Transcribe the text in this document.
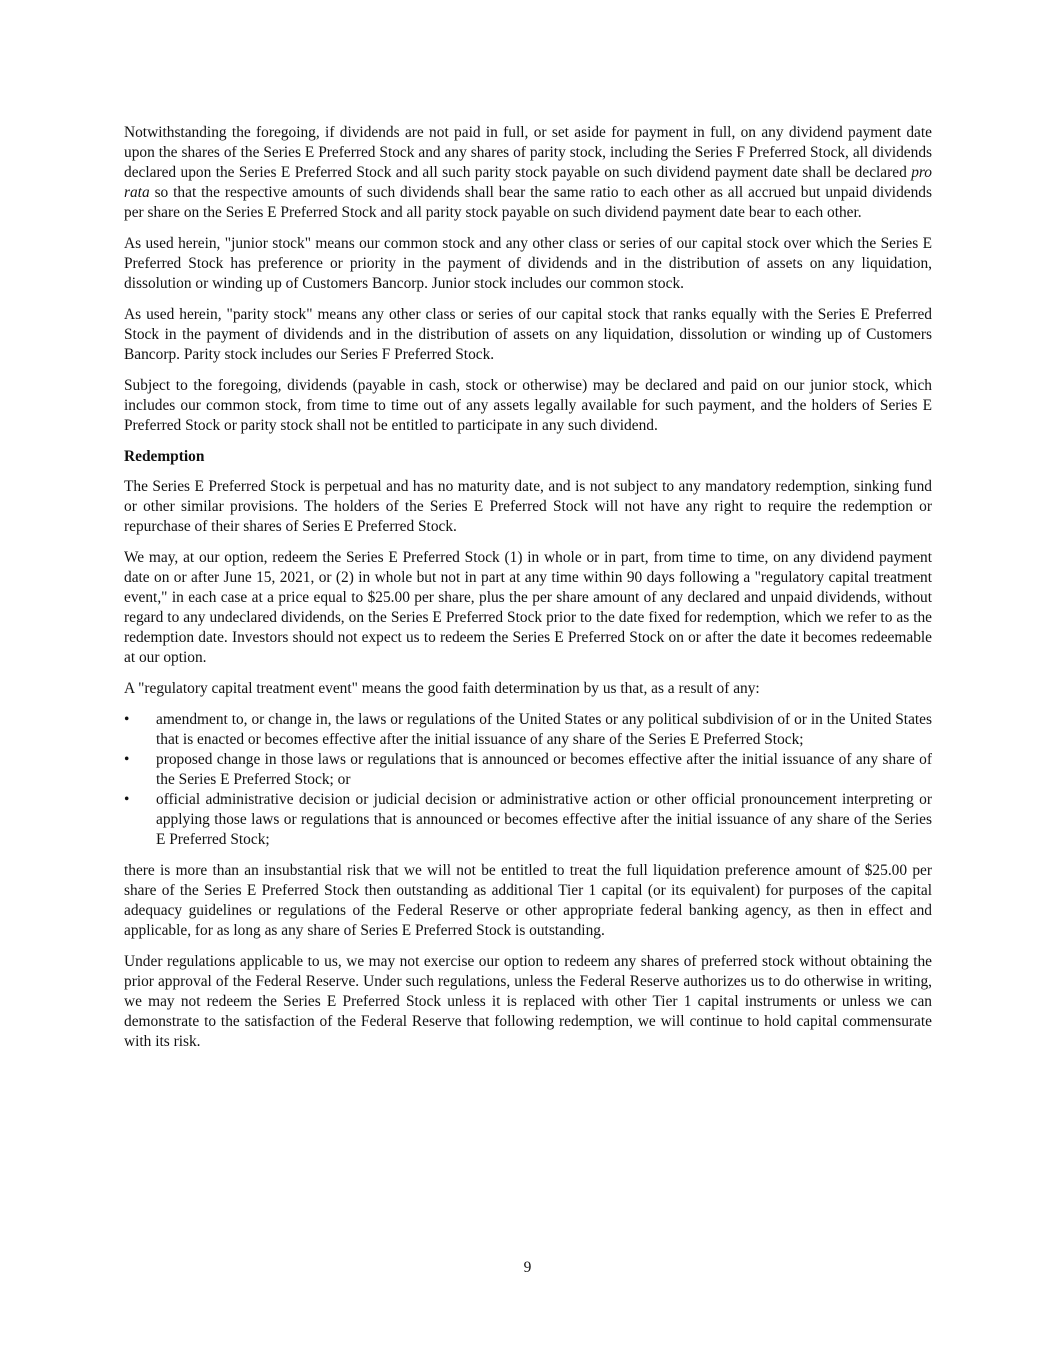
Notwithstanding the foregoing, if dividends are not paid in full, or set aside for payment in full, on any dividend payment date upon the shares of the Series E Preferred Stock and any shares of parity stock, including the Series F Preferred Stock, all dividends declared upon the Series E Preferred Stock and all such parity stock payable on such dividend payment date shall be declared pro rata so that the respective amounts of such dividends shall bear the same ratio to each other as all accrued but unpaid dividends per share on the Series E Preferred Stock and all parity stock payable on such dividend payment date bear to each other.

As used herein, "junior stock" means our common stock and any other class or series of our capital stock over which the Series E Preferred Stock has preference or priority in the payment of dividends and in the distribution of assets on any liquidation, dissolution or winding up of Customers Bancorp. Junior stock includes our common stock.

As used herein, "parity stock" means any other class or series of our capital stock that ranks equally with the Series E Preferred Stock in the payment of dividends and in the distribution of assets on any liquidation, dissolution or winding up of Customers Bancorp. Parity stock includes our Series F Preferred Stock.

Subject to the foregoing, dividends (payable in cash, stock or otherwise) may be declared and paid on our junior stock, which includes our common stock, from time to time out of any assets legally available for such payment, and the holders of Series E Preferred Stock or parity stock shall not be entitled to participate in any such dividend.

Redemption

The Series E Preferred Stock is perpetual and has no maturity date, and is not subject to any mandatory redemption, sinking fund or other similar provisions. The holders of the Series E Preferred Stock will not have any right to require the redemption or repurchase of their shares of Series E Preferred Stock.

We may, at our option, redeem the Series E Preferred Stock (1) in whole or in part, from time to time, on any dividend payment date on or after June 15, 2021, or (2) in whole but not in part at any time within 90 days following a "regulatory capital treatment event," in each case at a price equal to $25.00 per share, plus the per share amount of any declared and unpaid dividends, without regard to any undeclared dividends, on the Series E Preferred Stock prior to the date fixed for redemption, which we refer to as the redemption date. Investors should not expect us to redeem the Series E Preferred Stock on or after the date it becomes redeemable at our option.

A "regulatory capital treatment event" means the good faith determination by us that, as a result of any:

• amendment to, or change in, the laws or regulations of the United States or any political subdivision of or in the United States that is enacted or becomes effective after the initial issuance of any share of the Series E Preferred Stock;
• proposed change in those laws or regulations that is announced or becomes effective after the initial issuance of any share of the Series E Preferred Stock; or
• official administrative decision or judicial decision or administrative action or other official pronouncement interpreting or applying those laws or regulations that is announced or becomes effective after the initial issuance of any share of the Series E Preferred Stock;

there is more than an insubstantial risk that we will not be entitled to treat the full liquidation preference amount of $25.00 per share of the Series E Preferred Stock then outstanding as additional Tier 1 capital (or its equivalent) for purposes of the capital adequacy guidelines or regulations of the Federal Reserve or other appropriate federal banking agency, as then in effect and applicable, for as long as any share of Series E Preferred Stock is outstanding.

Under regulations applicable to us, we may not exercise our option to redeem any shares of preferred stock without obtaining the prior approval of the Federal Reserve. Under such regulations, unless the Federal Reserve authorizes us to do otherwise in writing, we may not redeem the Series E Preferred Stock unless it is replaced with other Tier 1 capital instruments or unless we can demonstrate to the satisfaction of the Federal Reserve that following redemption, we will continue to hold capital commensurate with its risk.

9
